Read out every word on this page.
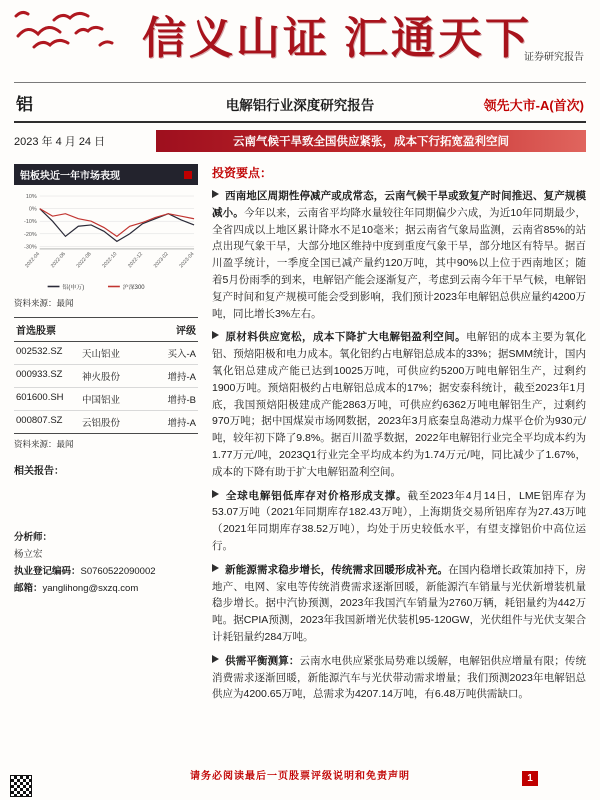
信义山证 汇通天下
证券研究报告
铝	电解铝行业深度研究报告	领先大市-A(首次)
2023 年 4 月 24 日	云南气候干旱致全国供应紧张，成本下行拓宽盈利空间
铝板块近一年市场表现
10%
0%
-10%
-20%
-30%
2022-04 2022-06 2022-08 2022-10 2022-12 2023-02 2023-04
铝(申万)	沪深300
资料来源：最闻
首选股票	评级
002532.SZ	天山铝业	买入-A
000933.SZ	神火股份	增持-A
601600.SH	中国铝业	增持-B
000807.SZ	云铝股份	增持-A
资料来源：最闻
相关报告：
分析师：
杨立宏
执业登记编码：S0760522090002
邮箱：yanglihong@sxzq.com
投资要点：

西南地区周期性停减产或成常态，云南气候干旱或致复产时间推迟、复产规模减小。今年以来，云南省平均降水量较往年同期偏少六成，为近10年同期最少，全省四成以上地区累计降水不足10毫米；据云南省气象局监测，云南省85%的站点出现气象干旱，大部分地区维持中度到重度气象干旱，部分地区有特旱。据百川盈孚统计，一季度全国已减产量约120万吨，其中90%以上位于西南地区；随着5月份雨季的到来，电解铝产能会逐渐复产，考虑到云南今年干旱气候，电解铝复产时间和复产规模可能会受到影响，我们预计2023年电解铝总供应量约4200万吨，同比增长3%左右。

原材料供应宽松，成本下降扩大电解铝盈利空间。电解铝的成本主要为氧化铝、预焙阳极和电力成本。氧化铝约占电解铝总成本的33%；据SMM统计，国内氧化铝总建成产能已达到10025万吨，可供应约5200万吨电解铝生产，过剩约1900万吨。预焙阳极约占电解铝总成本的17%；据安泰科统计，截至2023年1月底，我国预焙阳极建成产能2863万吨，可供应约6362万吨电解铝生产，过剩约970万吨；据中国煤炭市场网数据，2023年3月底秦皇岛港动力煤平仓价为930元/吨，较年初下降了9.8%。据百川盈孚数据，2022年电解铝行业完全平均成本约为1.77万元/吨，2023Q1行业完全平均成本约为1.74万元/吨，同比减少了1.67%，成本的下降有助于扩大电解铝盈利空间。

全球电解铝低库存对价格形成支撑。截至2023年4月14日，LME铝库存为53.07万吨（2021年同期库存182.43万吨），上海期货交易所铝库存为27.43万吨（2021年同期库存38.52万吨），均处于历史较低水平，有望支撑铝价中高位运行。

新能源需求稳步增长，传统需求回暖形成补充。在国内稳增长政策加持下，房地产、电网、家电等传统消费需求逐渐回暖，新能源汽车销量与光伏新增装机量稳步增长。据中汽协预测，2023年我国汽车销量为2760万辆，耗铝量约为442万吨。据CPIA预测，2023年我国新增光伏装机95-120GW，光伏组件与光伏支架合计耗铝量约284万吨。

供需平衡测算：云南水电供应紧张局势难以缓解，电解铝供应增量有限；传统消费需求逐渐回暖，新能源汽车与光伏带动需求增量；我们预测2023年电解铝总供应为4200.65万吨，总需求为4207.14万吨，有6.48万吨供需缺口。

请务必阅读最后一页股票评级说明和免责声明	1
